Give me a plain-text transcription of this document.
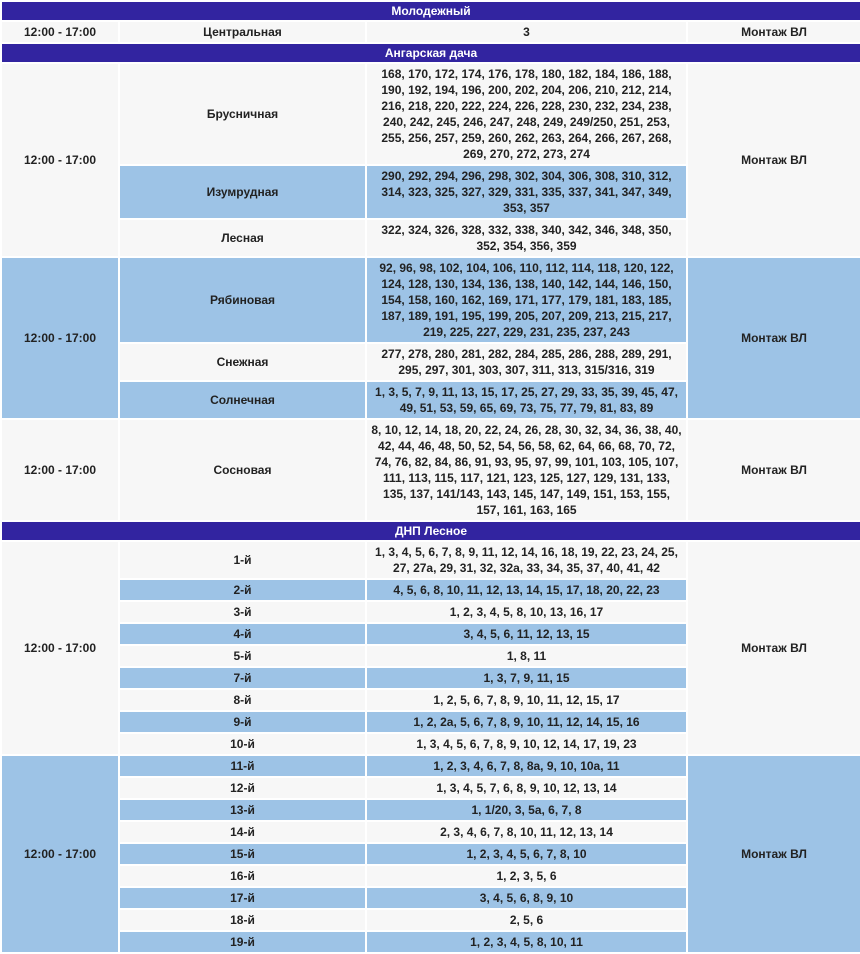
Молодежный			
12:00 - 17:00	Центральная	3	Монтаж ВЛ
Ангарская дача			
12:00 - 17:00	Брусничная	168, 170, 172, 174, 176, 178, 180, 182, 184, 186, 188, 190, 192, 194, 196, 200, 202, 204, 206, 210, 212, 214, 216, 218, 220, 222, 224, 226, 228, 230, 232, 234, 238, 240, 242, 245, 246, 247, 248, 249, 249/250, 251, 253, 255, 256, 257, 259, 260, 262, 263, 264, 266, 267, 268, 269, 270, 272, 273, 274	Монтаж ВЛ
	Изумрудная	290, 292, 294, 296, 298, 302, 304, 306, 308, 310, 312, 314, 323, 325, 327, 329, 331, 335, 337, 341, 347, 349, 353, 357	
	Лесная	322, 324, 326, 328, 332, 338, 340, 342, 346, 348, 350, 352, 354, 356, 359	
12:00 - 17:00	Рябиновая	92, 96, 98, 102, 104, 106, 110, 112, 114, 118, 120, 122, 124, 128, 130, 134, 136, 138, 140, 142, 144, 146, 150, 154, 158, 160, 162, 169, 171, 177, 179, 181, 183, 185, 187, 189, 191, 195, 199, 205, 207, 209, 213, 215, 217, 219, 225, 227, 229, 231, 235, 237, 243	Монтаж ВЛ
	Снежная	277, 278, 280, 281, 282, 284, 285, 286, 288, 289, 291, 295, 297, 301, 303, 307, 311, 313, 315/316, 319	
	Солнечная	1, 3, 5, 7, 9, 11, 13, 15, 17, 25, 27, 29, 33, 35, 39, 45, 47, 49, 51, 53, 59, 65, 69, 73, 75, 77, 79, 81, 83, 89	
12:00 - 17:00	Сосновая	8, 10, 12, 14, 18, 20, 22, 24, 26, 28, 30, 32, 34, 36, 38, 40, 42, 44, 46, 48, 50, 52, 54, 56, 58, 62, 64, 66, 68, 70, 72, 74, 76, 82, 84, 86, 91, 93, 95, 97, 99, 101, 103, 105, 107, 111, 113, 115, 117, 121, 123, 125, 127, 129, 131, 133, 135, 137, 141/143, 143, 145, 147, 149, 151, 153, 155, 157, 161, 163, 165	Монтаж ВЛ
ДНП Лесное			
12:00 - 17:00	1-й	1, 3, 4, 5, 6, 7, 8, 9, 11, 12, 14, 16, 18, 19, 22, 23, 24, 25, 27, 27а, 29, 31, 32, 32а, 33, 34, 35, 37, 40, 41, 42	Монтаж ВЛ
	2-й	4, 5, 6, 8, 10, 11, 12, 13, 14, 15, 17, 18, 20, 22, 23	
	3-й	1, 2, 3, 4, 5, 8, 10, 13, 16, 17	
	4-й	3, 4, 5, 6, 11, 12, 13, 15	
	5-й	1, 8, 11	
	7-й	1, 3, 7, 9, 11, 15	
	8-й	1, 2, 5, 6, 7, 8, 9, 10, 11, 12, 15, 17	
	9-й	1, 2, 2а, 5, 6, 7, 8, 9, 10, 11, 12, 14, 15, 16	
	10-й	1, 3, 4, 5, 6, 7, 8, 9, 10, 12, 14, 17, 19, 23	
12:00 - 17:00	11-й	1, 2, 3, 4, 6, 7, 8, 8а, 9, 10, 10а, 11	Монтаж ВЛ
	12-й	1, 3, 4, 5, 7, 6, 8, 9, 10, 12, 13, 14	
	13-й	1, 1/20, 3, 5а, 6, 7, 8	
	14-й	2, 3, 4, 6, 7, 8, 10, 11, 12, 13, 14	
	15-й	1, 2, 3, 4, 5, 6, 7, 8, 10	
	16-й	1, 2, 3, 5, 6	
	17-й	3, 4, 5, 6, 8, 9, 10	
	18-й	2, 5, 6	
	19-й	1, 2, 3, 4, 5, 8, 10, 11	
